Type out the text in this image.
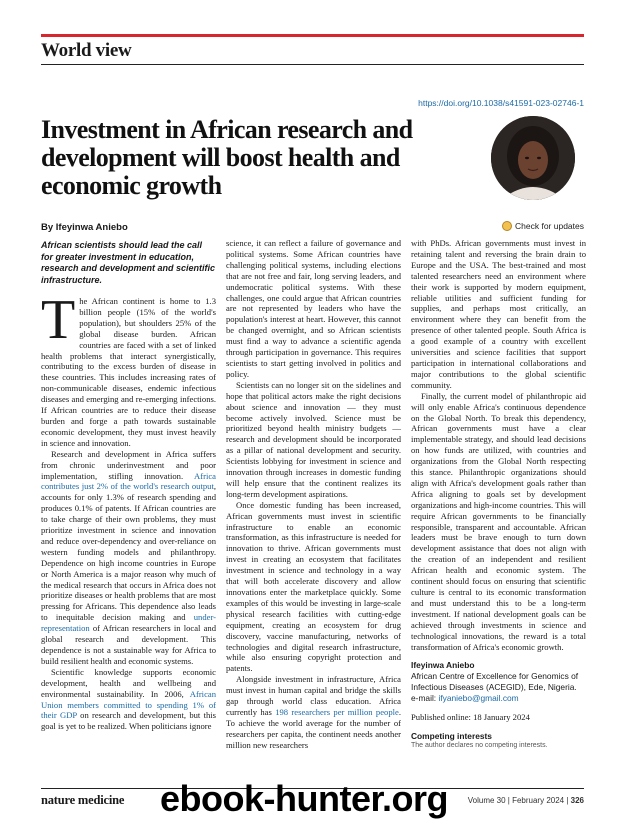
World view
https://doi.org/10.1038/s41591-023-02746-1
Investment in African research and development will boost health and economic growth
By Ifeyinwa Aniebo	Check for updates

African scientists should lead the call for greater investment in education, research and development and scientific infrastructure.

The African continent is home to 1.3 billion people (15% of the world's population), but shoulders 25% of the global disease burden. African countries are faced with a set of linked health problems that interact synergistically, contributing to the excess burden of disease in these countries. This includes increasing rates of non-communicable diseases, endemic infectious diseases and emerging and re-emerging infections. If African countries are to reduce their disease burden and forge a path towards sustainable economic development, they must invest heavily in science and innovation.

Research and development in Africa suffers from chronic underinvestment and poor implementation, stifling innovation. Africa contributes just 2% of the world's research output, accounts for only 1.3% of research spending and produces 0.1% of patents. If African countries are to take charge of their own problems, they must prioritize investment in science and innovation and reduce over-dependency and over-reliance on western funding models and philanthropy. Dependence on high income countries in Europe or North America is a major reason why much of the medical research that occurs in Africa does not prioritize diseases or health problems that are most pressing for Africans. This dependence also leads to inequitable decision making and under-representation of African researchers in local and global research and development. This dependence is not a sustainable way for Africa to build resilient health and economic systems.

Scientific knowledge supports economic development, health and wellbeing and environmental sustainability. In 2006, African Union members committed to spending 1% of their GDP on research and development, but this goal is yet to be realized. When politicians ignore

science, it can reflect a failure of governance and political systems. Some African countries have challenging political systems, including elections that are not free and fair, long serving leaders, and undemocratic political systems. With these challenges, one could argue that African countries are not represented by leaders who have the population's interest at heart. However, this cannot be changed overnight, and so African scientists must find a way to advance a scientific agenda through participation in governance. This requires scientists to start getting involved in politics and policy.

Scientists can no longer sit on the sidelines and hope that political actors make the right decisions about science and innovation — they must become actively involved. Science must be prioritized beyond health ministry budgets — research and development should be incorporated as a pillar of national development and security. Scientists lobbying for investment in science and innovation through increases in domestic funding will help ensure that the continent realizes its long-term development aspirations.

Once domestic funding has been increased, African governments must invest in scientific infrastructure to enable an economic transformation, as this infrastructure is needed for innovation to thrive. African governments must invest in creating an ecosystem that facilitates investment in science and technology in a way that will both accelerate discovery and allow innovations enter the marketplace quickly. Some examples of this would be investing in large-scale physical research facilities with cutting-edge equipment, creating an ecosystem for drug discovery, vaccine manufacturing, networks of technologies and digital research infrastructure, while also ensuring copyright protection and patents.

Alongside investment in infrastructure, Africa must invest in human capital and bridge the skills gap through world class education. Africa currently has 198 researchers per million people. To achieve the world average for the number of researchers per capita, the continent needs another million new researchers

with PhDs. African governments must invest in retaining talent and reversing the brain drain to Europe and the USA. The best-trained and most talented researchers need an environment where their work is supported by modern equipment, reliable utilities and sufficient funding for supplies, and perhaps most critically, an environment where they can benefit from the presence of other talented people. South Africa is a good example of a country with excellent universities and science facilities that support participation in international collaborations and major contributions to the global scientific community.

Finally, the current model of philanthropic aid will only enable Africa's continuous dependence on the Global North. To break this dependency, African governments must have a clear implementable strategy, and should lead decisions on how funds are utilized, with countries and organizations from the Global North respecting this stance. Philanthropic organizations should align with Africa's development goals rather than Africa aligning to goals set by development organizations and high-income countries. This will require African governments to be financially responsible, transparent and accountable. African leaders must be brave enough to turn down development assistance that does not align with the creation of an independent and resilient African health and economic system. The continent should focus on ensuring that scientific culture is central to its economic transformation and must understand this to be a long-term investment. If national development goals can be achieved through investments in science and technological innovations, the reward is a total transformation of Africa's economic growth.

Ifeyinwa Aniebo
African Centre of Excellence for Genomics of Infectious Diseases (ACEGID), Ede, Nigeria.
e-mail: ifyaniebo@gmail.com
Published online: 18 January 2024
Competing interests
The author declares no competing interests.
nature medicine	Volume 30 | February 2024 | 326
ebook-hunter.org
